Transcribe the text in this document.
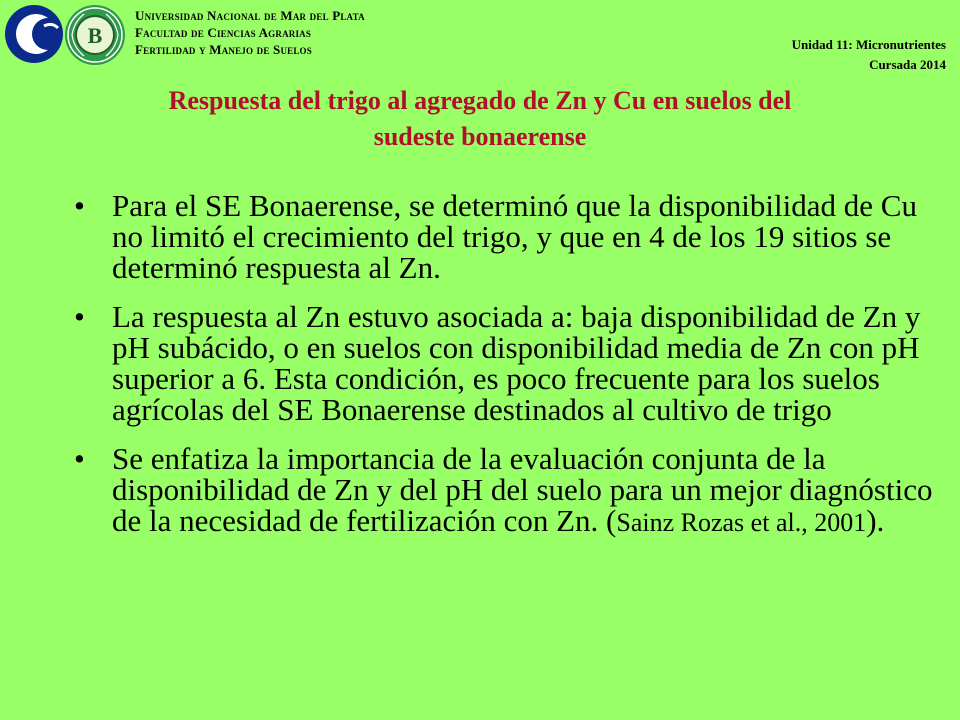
B
Universidad Nacional de Mar del Plata
Facultad de Ciencias Agrarias
Fertilidad y Manejo de Suelos	Unidad 11: Micronutrientes
Cursada 2014
Respuesta del trigo al agregado de Zn y Cu en suelos del
sudeste bonaerense
• Para el SE Bonaerense, se determinó que la disponibilidad de Cu no limitó el crecimiento del trigo, y que en 4 de los 19 sitios se determinó respuesta al Zn.
• La respuesta al Zn estuvo asociada a: baja disponibilidad de Zn y pH subácido, o en suelos con disponibilidad media de Zn con pH superior a 6. Esta condición, es poco frecuente para los suelos agrícolas del SE Bonaerense destinados al cultivo de trigo
• Se enfatiza la importancia de la evaluación conjunta de la disponibilidad de Zn y del pH del suelo para un mejor diagnóstico de la necesidad de fertilización con Zn. (Sainz Rozas et al., 2001).
